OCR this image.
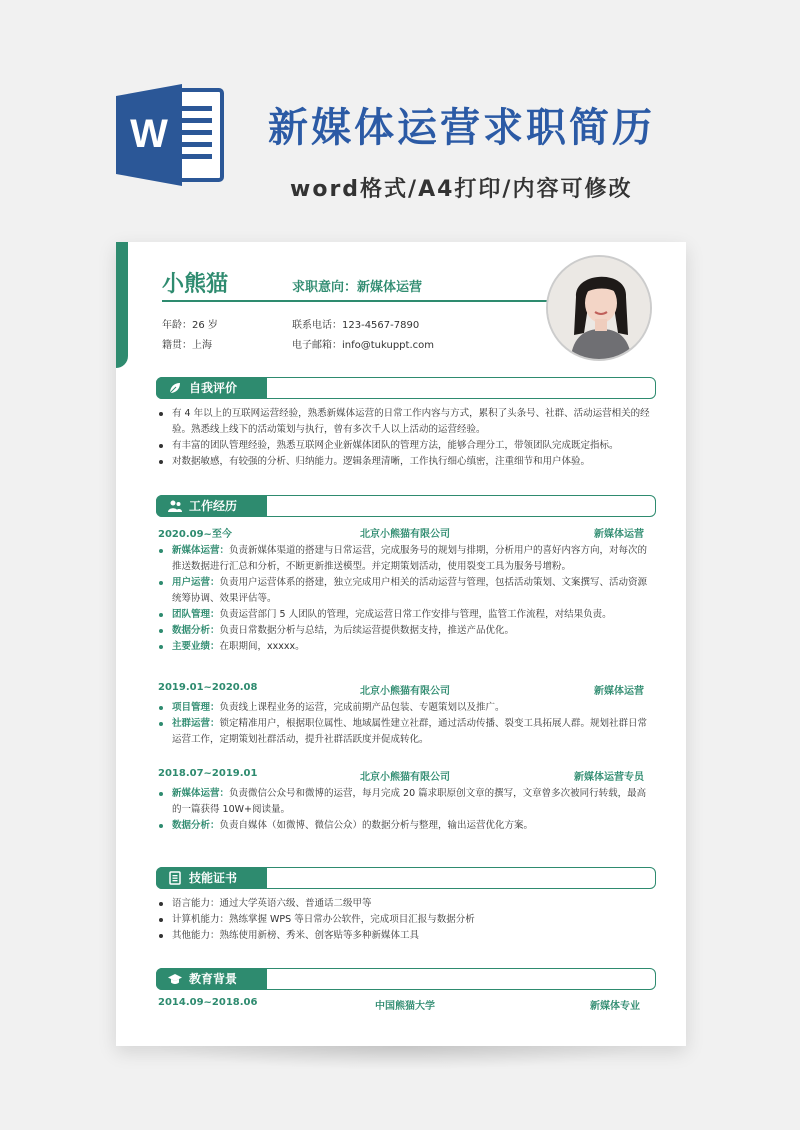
W	新媒体运营求职简历
word格式/A4打印/内容可修改
小熊猫	求职意向：新媒体运营
年龄：26 岁
籍贯：上海
联系电话：123-4567-7890
电子邮箱：info@tukuppt.com
自我评价
有 4 年以上的互联网运营经验，熟悉新媒体运营的日常工作内容与方式，累积了头条号、社群、活动运营相关的经验。熟悉线上线下的活动策划与执行，曾有多次千人以上活动的运营经验。
有丰富的团队管理经验，熟悉互联网企业新媒体团队的管理方法，能够合理分工，带领团队完成既定指标。
对数据敏感，有较强的分析、归纳能力。逻辑条理清晰，工作执行细心缜密，注重细节和用户体验。
工作经历
2020.09~至今	北京小熊猫有限公司	新媒体运营
新媒体运营：负责新媒体渠道的搭建与日常运营，完成服务号的规划与排期，分析用户的喜好内容方向，对每次的推送数据进行汇总和分析，不断更新推送模型。并定期策划活动，使用裂变工具为服务号增粉。
用户运营：负责用户运营体系的搭建，独立完成用户相关的活动运营与管理，包括活动策划、文案撰写、活动资源统筹协调、效果评估等。
团队管理：负责运营部门 5 人团队的管理，完成运营日常工作安排与管理，监管工作流程，对结果负责。
数据分析：负责日常数据分析与总结，为后续运营提供数据支持，推送产品优化。
主要业绩：在职期间，xxxxx。
2019.01~2020.08	北京小熊猫有限公司	新媒体运营
项目管理：负责线上课程业务的运营，完成前期产品包装、专题策划以及推广。
社群运营：锁定精准用户，根据职位属性、地域属性建立社群，通过活动传播、裂变工具拓展人群。规划社群日常运营工作，定期策划社群活动，提升社群活跃度并促成转化。
2018.07~2019.01	北京小熊猫有限公司	新媒体运营专员
新媒体运营：负责微信公众号和微博的运营，每月完成 20 篇求职原创文章的撰写，文章曾多次被同行转载，最高的一篇获得 10W+阅读量。
数据分析：负责自媒体（如微博、微信公众）的数据分析与整理，输出运营优化方案。
技能证书
语言能力：通过大学英语六级、普通话二级甲等
计算机能力：熟练掌握 WPS 等日常办公软件，完成项目汇报与数据分析
其他能力：熟练使用新榜、秀米、创客贴等多种新媒体工具
教育背景
2014.09~2018.06	中国熊猫大学	新媒体专业
